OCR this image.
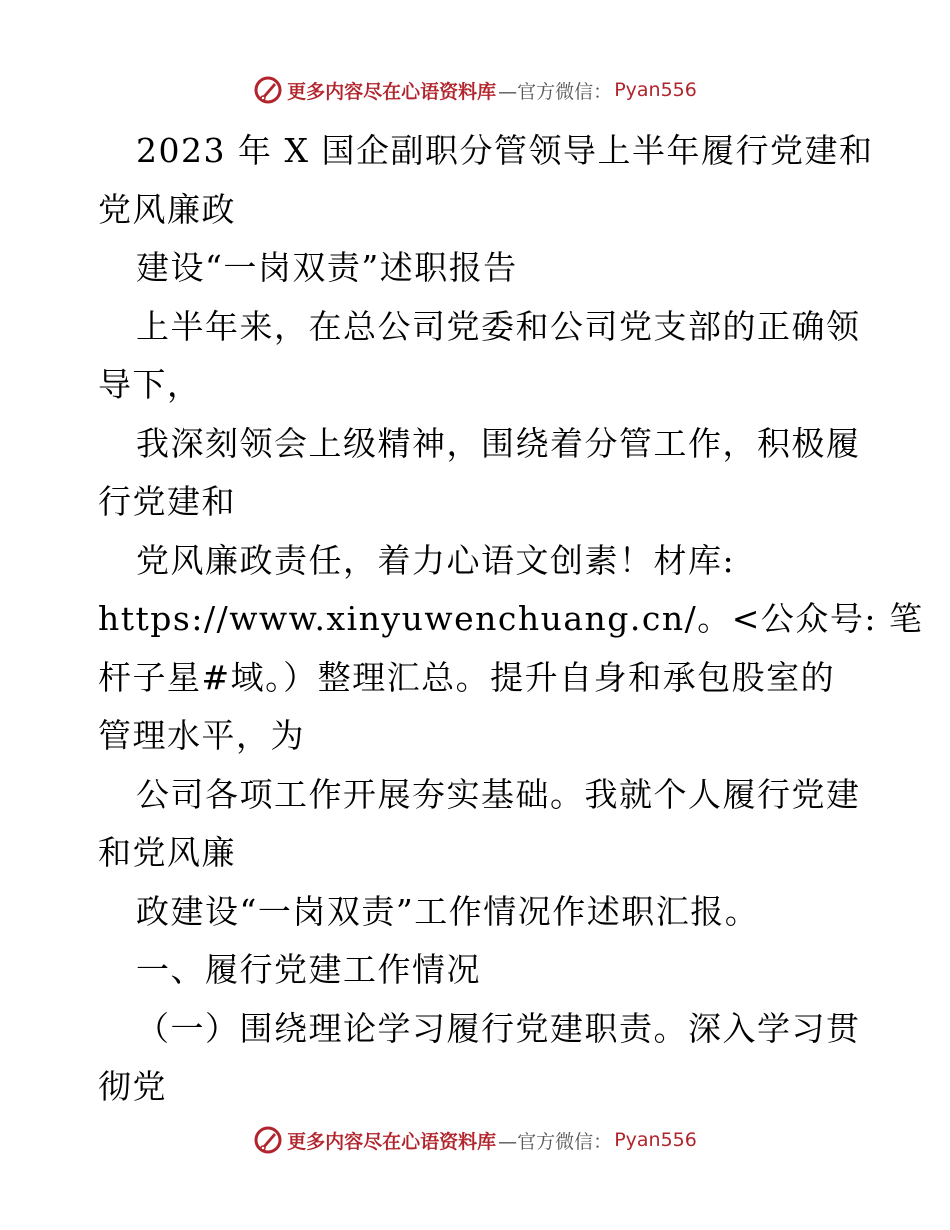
更多内容尽在心语资料库 —官方微信： Pyan556
2023 年 X 国企副职分管领导上半年履行党建和
党风廉政
建设“一岗双责”述职报告
上半年来，在总公司党委和公司党支部的正确领
导下，
我深刻领会上级精神，围绕着分管工作，积极履
行党建和
党风廉政责任，着力心语文创素！材库:
https://www.xinyuwenchuang.cn/。<公众号: 笔
杆子星#域。）整理汇总。提升自身和承包股室的
管理水平，为
公司各项工作开展夯实基础。我就个人履行党建
和党风廉
政建设“一岗双责”工作情况作述职汇报。
一、履行党建工作情况
（一）围绕理论学习履行党建职责。深入学习贯
彻党
更多内容尽在心语资料库 —官方微信： Pyan556
